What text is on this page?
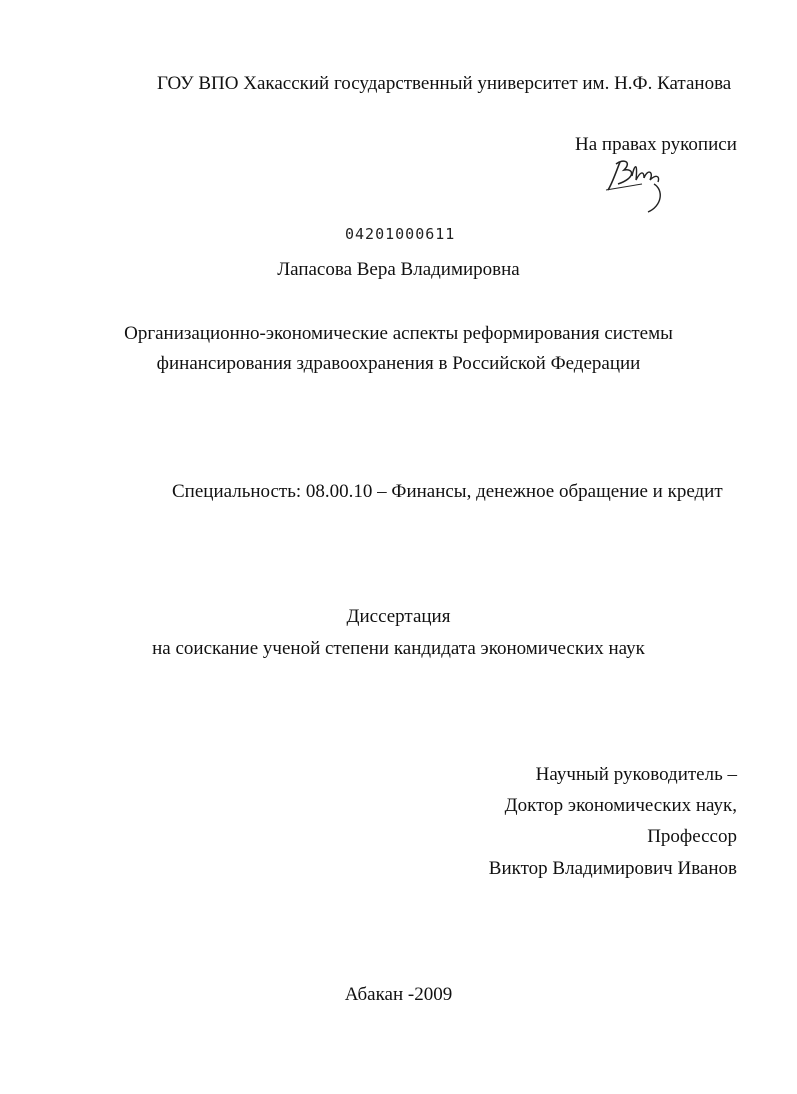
ГОУ ВПО Хакасский государственный университет им. Н.Ф. Катанова
На правах рукописи
04201000611
Лапасова Вера Владимировна
Организационно-экономические аспекты реформирования системы
финансирования здравоохранения в Российской Федерации
Специальность: 08.00.10 – Финансы, денежное обращение и кредит
Диссертация
на соискание ученой степени кандидата экономических наук
Научный руководитель –
Доктор экономических наук,
Профессор
Виктор Владимирович Иванов
Абакан -2009
